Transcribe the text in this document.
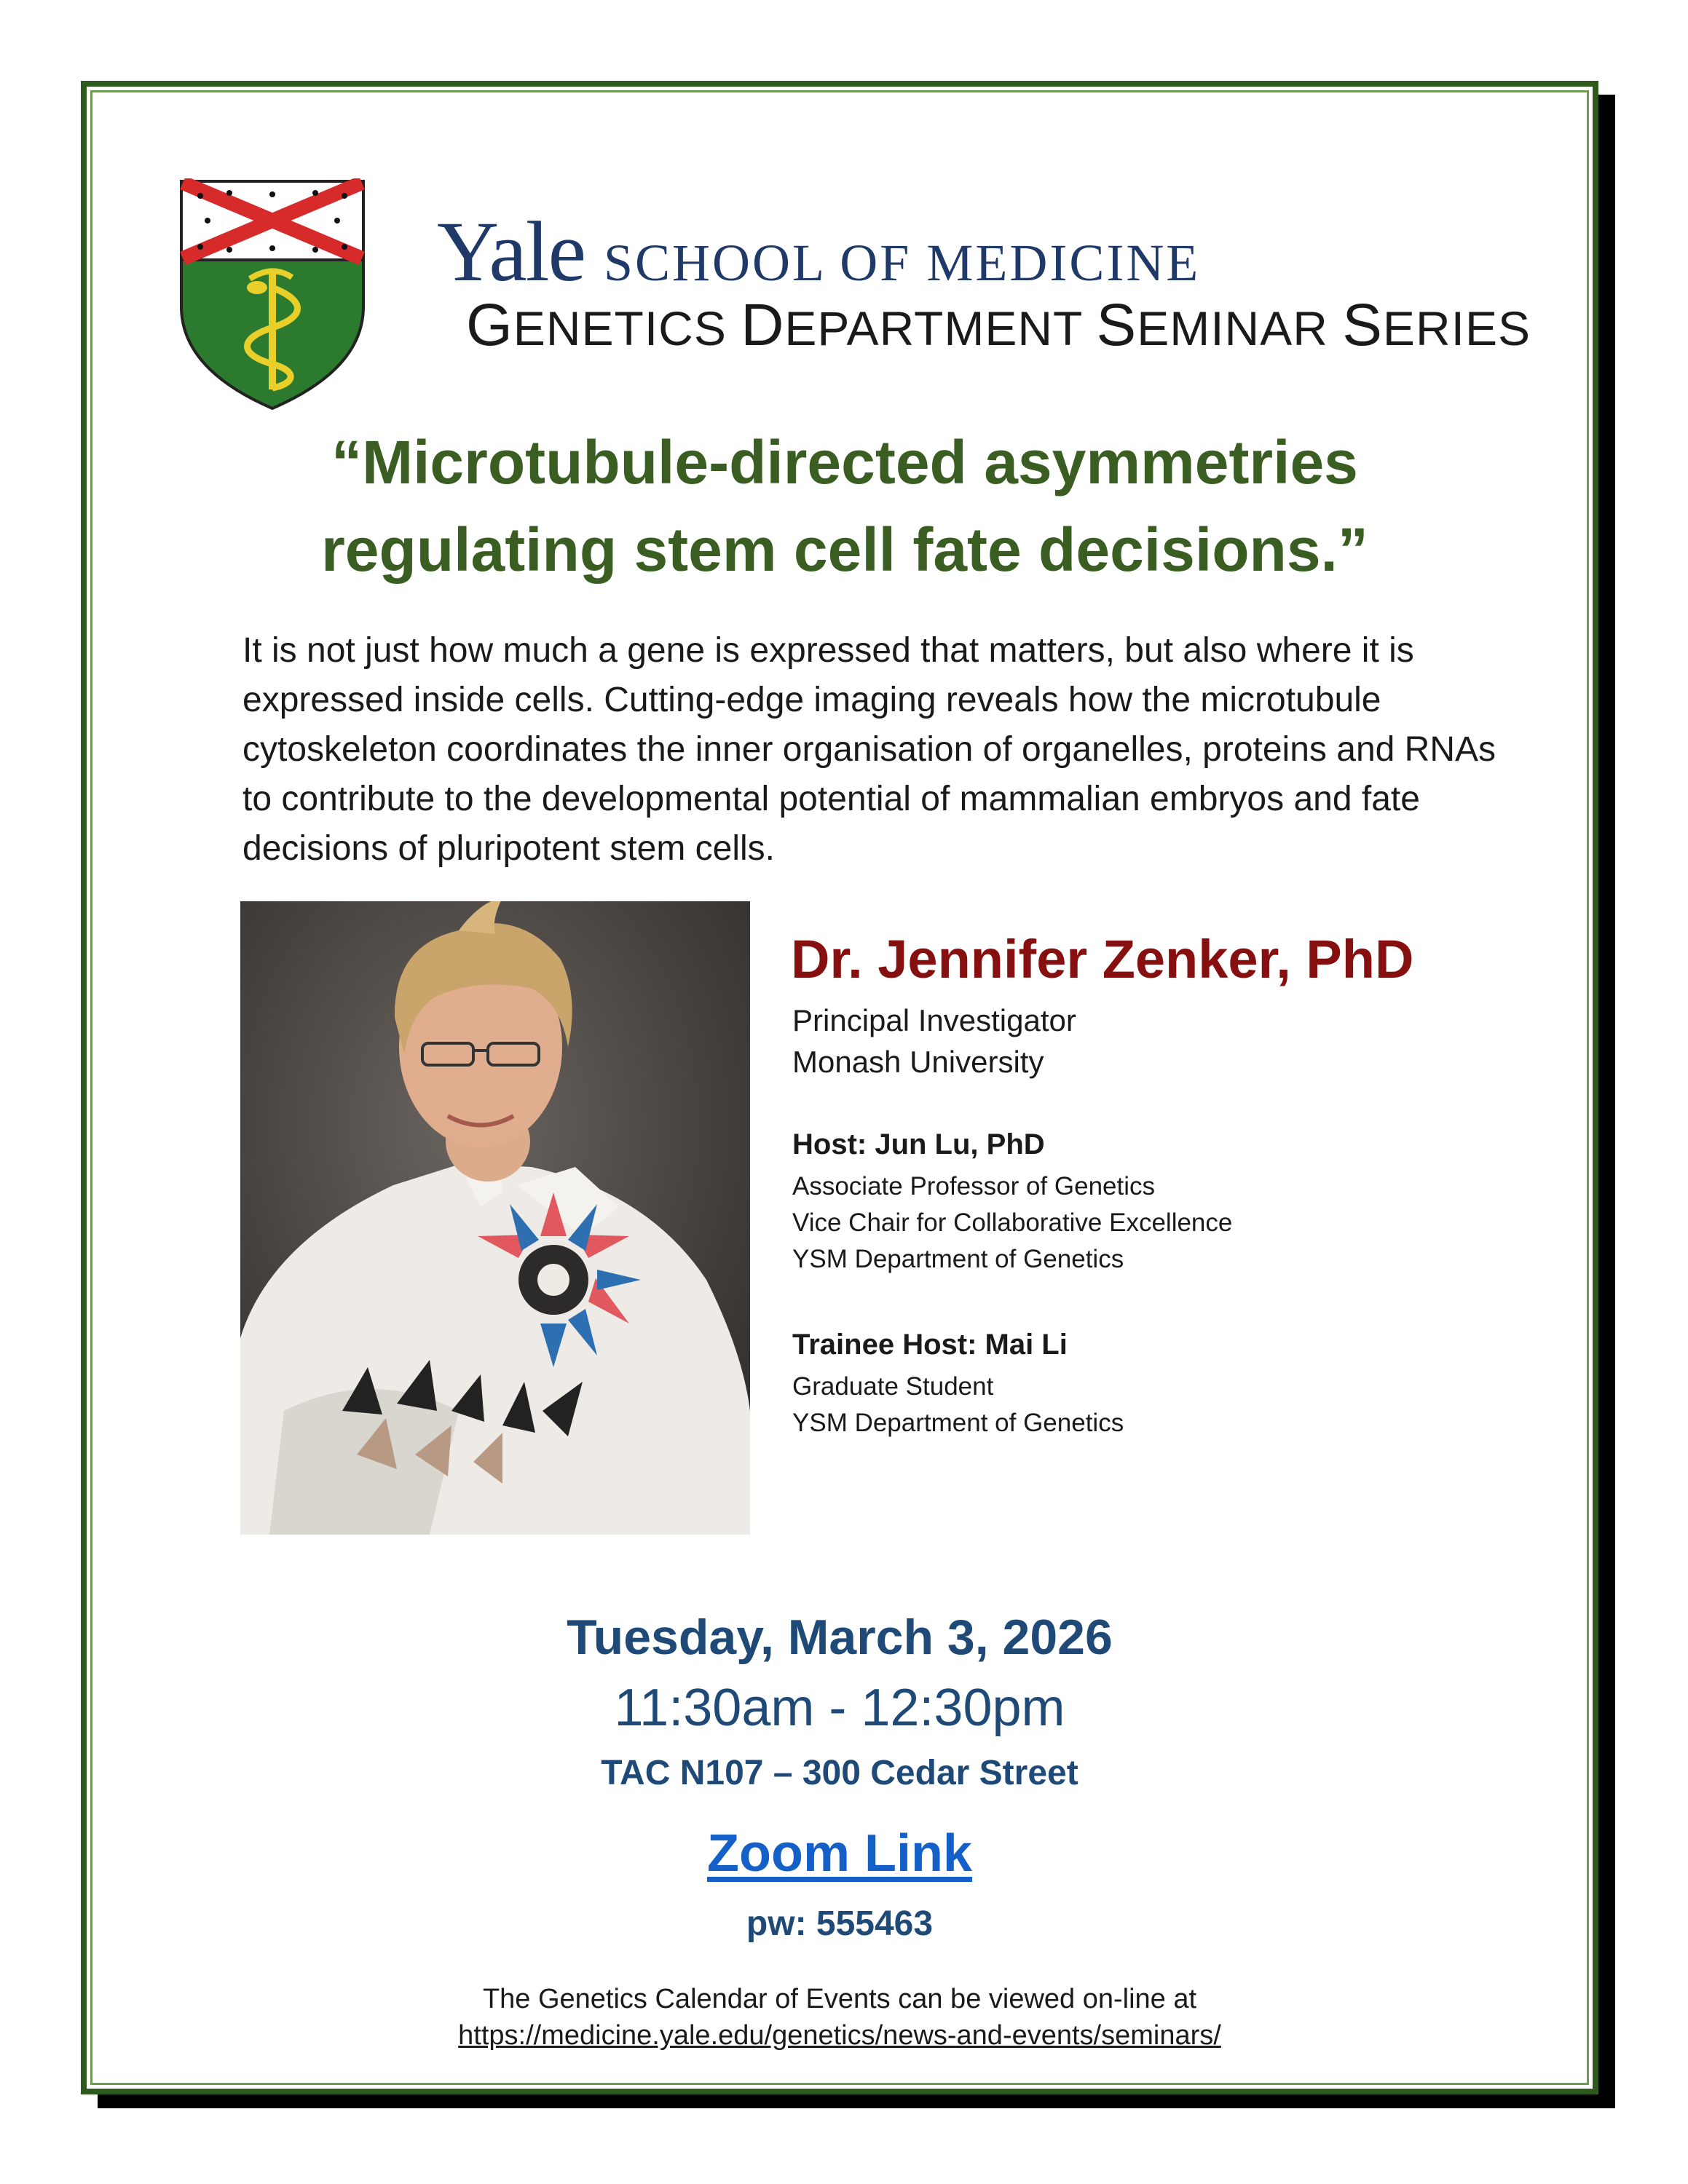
Yale SCHOOL OF MEDICINE
GENETICS DEPARTMENT SEMINAR SERIES
“Microtubule-directed asymmetries
regulating stem cell fate decisions.”
It is not just how much a gene is expressed that matters, but also where it is expressed inside cells. Cutting-edge imaging reveals how the microtubule cytoskeleton coordinates the inner organisation of organelles, proteins and RNAs to contribute to the developmental potential of mammalian embryos and fate decisions of pluripotent stem cells.
Dr. Jennifer Zenker, PhD
Principal Investigator
Monash University
Host: Jun Lu, PhD
Associate Professor of Genetics
Vice Chair for Collaborative Excellence
YSM Department of Genetics
Trainee Host: Mai Li
Graduate Student
YSM Department of Genetics
Tuesday, March 3, 2026
11:30am - 12:30pm
TAC N107 – 300 Cedar Street
Zoom Link
pw: 555463
The Genetics Calendar of Events can be viewed on-line at
https://medicine.yale.edu/genetics/news-and-events/seminars/
